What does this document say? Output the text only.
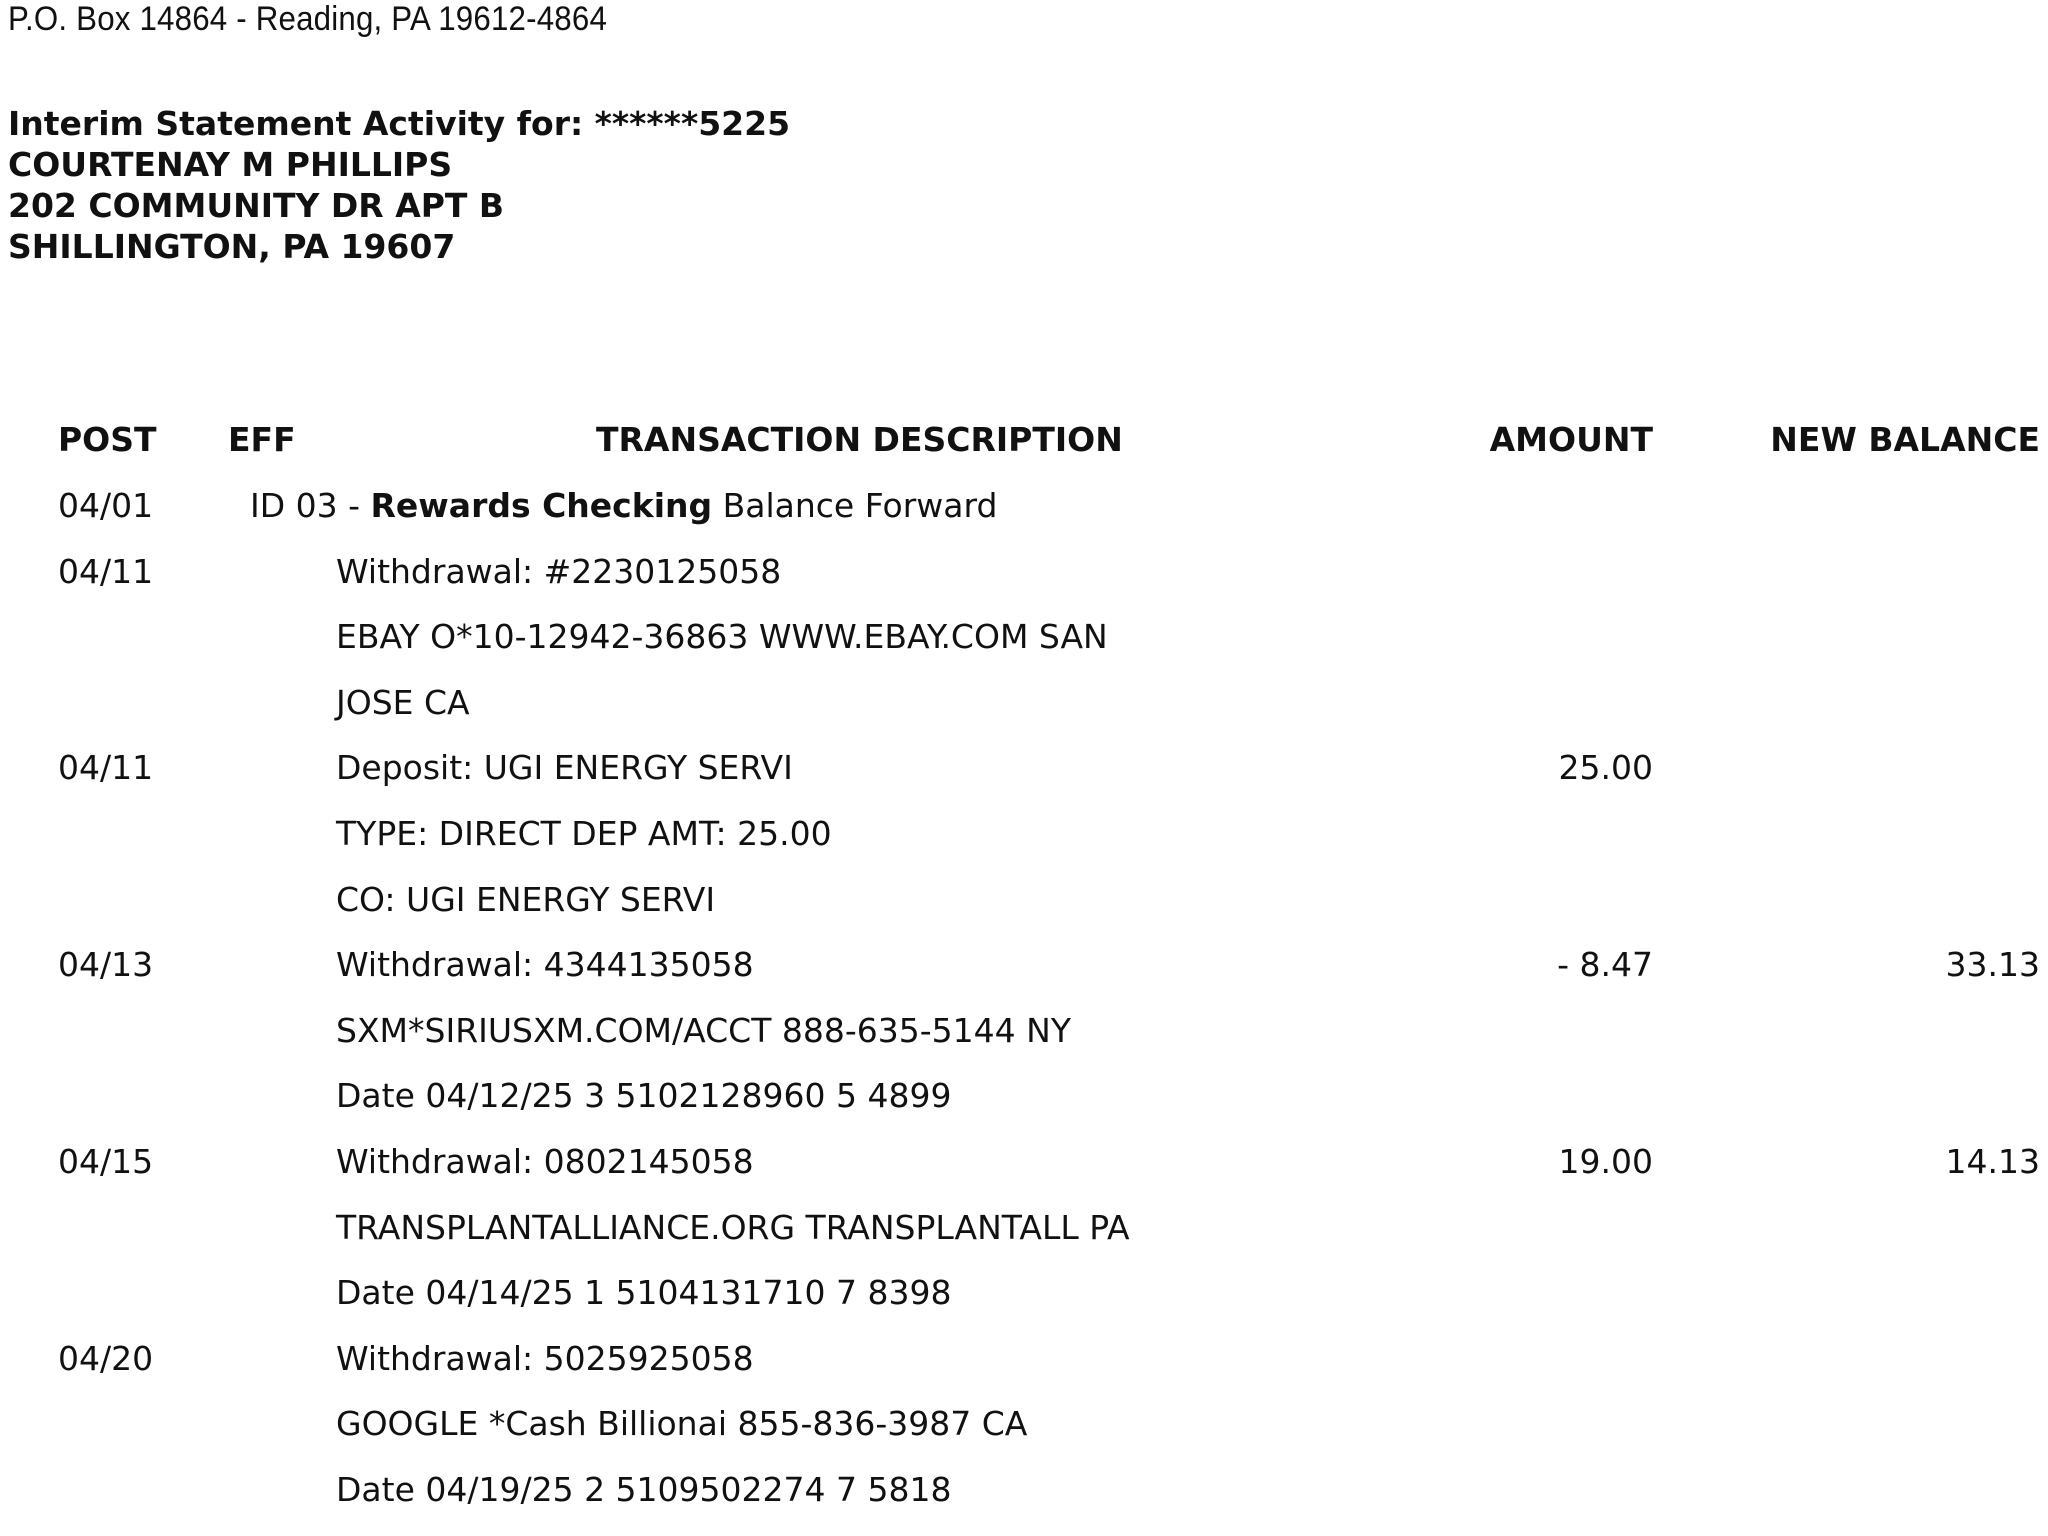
P.O. Box 14864 - Reading, PA 19612-4864
Interim Statement Activity for: ******5225
COURTENAY M PHILLIPS
202 COMMUNITY DR APT B
SHILLINGTON, PA 19607
POST EFF	TRANSACTION DESCRIPTION	AMOUNT	NEW BALANCE
04/01	ID 03 - Rewards Checking Balance Forward
04/11	Withdrawal: #2230125058
EBAY O*10-12942-36863 WWW.EBAY.COM SAN
JOSE CA
04/11	Deposit: UGI ENERGY SERVI	25.00
TYPE: DIRECT DEP AMT: 25.00
CO: UGI ENERGY SERVI
04/13	Withdrawal: 4344135058	- 8.47	33.13
SXM*SIRIUSXM.COM/ACCT 888-635-5144 NY
Date 04/12/25 3 5102128960 5 4899
04/15	Withdrawal: 0802145058	19.00	14.13
TRANSPLANTALLIANCE.ORG TRANSPLANTALL PA
Date 04/14/25 1 5104131710 7 8398
04/20	Withdrawal: 5025925058
GOOGLE *Cash Billionai 855-836-3987 CA
Date 04/19/25 2 5109502274 7 5818
